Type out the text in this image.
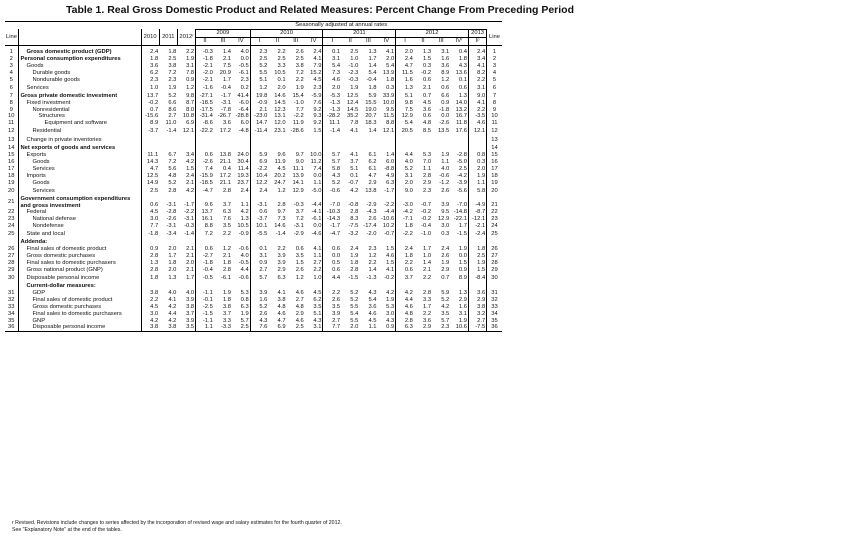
Table 1. Real Gross Domestic Product and Related Measures: Percent Change From Preceding Period
					Seasonally adjusted at annual rates																
Line		2010	2011	2012ʳ	2009			2010				2011				2012				2013	Line
					II	III	IV	I	II	III	IV	I	II	III	IV	I	II	III	IVʳ	Iᵖ	

1	Gross domestic product (GDP)	2.4	1.8	2.2	-0.3	1.4	4.0	2.3	2.2	2.6	2.4	0.1	2.5	1.3	4.1	2.0	1.3	3.1	0.4	2.4	1
2	Personal consumption expenditures	1.8	2.5	1.9	-1.8	2.1	0.0	2.5	2.5	2.5	4.1	3.1	1.0	1.7	2.0	2.4	1.5	1.6	1.8	3.4	2
3	Goods	3.6	3.8	3.1	-2.1	7.5	-0.5	5.2	3.3	3.8	7.9	5.4	-1.0	1.4	5.4	4.7	0.3	3.6	4.3	4.1	3
4	Durable goods	6.2	7.2	7.8	-2.0	20.9	-6.1	5.5	10.5	7.2	15.2	7.3	-2.3	5.4	13.9	11.5	-0.2	8.9	13.6	8.2	4
5	Nondurable goods	2.3	2.3	0.9	-2.1	1.7	2.3	5.1	0.1	2.2	4.5	4.6	-0.3	-0.4	1.8	1.6	0.6	1.2	0.1	2.2	5
6	Services	1.0	1.9	1.2	-1.6	-0.4	0.2	1.2	2.0	1.9	2.3	2.0	1.9	1.8	0.3	1.3	2.1	0.6	0.6	3.1	6
7	Gross private domestic investment	13.7	5.2	9.8	-27.1	-1.7	41.4	19.8	14.6	15.4	-5.9	-5.3	12.5	5.9	33.9	5.1	0.7	6.6	1.3	9.0	7
8	Fixed investment	-0.2	6.6	8.7	-18.5	-3.1	-6.0	-0.9	14.5	-1.0	7.6	-1.3	12.4	15.5	10.0	9.8	4.5	0.9	14.0	4.1	8
9	Nonresidential	0.7	8.6	8.0	-17.5	-7.8	-6.4	2.1	12.3	7.7	9.2	-1.3	14.5	19.0	9.5	7.5	3.6	-1.8	13.2	2.2	9
10	Structures	-15.6	2.7	10.8	-31.4	-26.7	-28.8	-23.0	13.1	-2.2	9.3	-28.2	35.2	20.7	11.5	12.9	0.6	0.0	16.7	-3.5	10
11	Equipment and software	8.9	11.0	6.9	-8.6	3.6	6.0	14.7	12.0	11.9	9.2	11.1	7.8	18.3	8.8	5.4	4.8	-2.6	11.8	4.6	11
12	Residential	-3.7	-1.4	12.1	-22.2	17.2	-4.8	-11.4	23.1	-28.6	1.5	-1.4	4.1	1.4	12.1	20.5	8.5	13.5	17.6	12.1	12
13	Change in private inventories																				13
14	Net exports of goods and services																				14
15	Exports	11.1	6.7	3.4	0.6	13.8	24.0	5.9	9.6	9.7	10.0	5.7	4.1	6.1	1.4	4.4	5.3	1.9	-2.8	0.8	15
16	Goods	14.3	7.2	4.2	-2.6	21.1	30.4	6.9	11.9	9.0	11.2	5.7	3.7	6.2	6.0	4.0	7.0	1.1	-5.0	0.3	16
17	Services	4.7	5.6	1.5	7.4	0.4	11.4	-2.2	4.5	11.1	7.4	5.8	5.1	6.1	-8.8	5.2	1.1	4.0	2.5	2.0	17
18	Imports	12.5	4.8	2.4	-15.9	17.2	19.3	10.4	20.2	13.9	0.0	4.3	0.1	4.7	4.9	3.1	2.8	-0.6	-4.2	1.9	18
19	Goods	14.9	5.2	2.1	-18.5	21.1	23.7	12.2	24.7	14.1	1.1	5.2	-0.7	2.9	6.3	2.0	2.9	-1.2	-3.9	1.1	19
20	Services	2.5	2.8	4.2	-4.7	2.8	2.4	2.4	1.2	12.9	-5.0	-0.6	4.2	13.8	-1.7	9.0	2.3	2.6	-5.6	5.8	20
21	Government consumption expenditures and gross investment	0.6	-3.1	-1.7	9.6	3.7	1.1	-3.1	2.8	-0.3	-4.4	-7.0	-0.8	-2.9	-2.2	-3.0	-0.7	3.9	-7.0	-4.9	21
22	Federal	4.5	-2.8	-2.2	13.7	6.3	4.2	0.6	9.7	3.7	-4.1	-10.3	2.8	-4.3	-4.4	-4.2	-0.2	9.5	-14.8	-8.7	22
23	National defense	3.0	-2.6	-3.1	16.1	7.6	1.3	-3.7	7.3	7.2	-6.1	-14.3	8.3	2.6	-10.6	-7.1	-0.2	12.9	-22.1	-12.1	23
24	Nondefense	7.7	-3.1	-0.3	8.8	3.5	10.5	10.1	14.6	-3.1	0.0	-1.7	-7.5	-17.4	10.2	1.8	-0.4	3.0	1.7	-2.1	24
25	State and local	-1.8	-3.4	-1.4	7.2	2.2	-0.9	-5.5	-1.4	-2.9	-4.6	-4.7	-3.2	-2.0	-0.7	-2.2	-1.0	0.3	-1.5	-2.4	25
	Addenda:																				
26	Final sales of domestic product	0.9	2.0	2.1	0.6	1.2	-0.6	0.1	2.2	0.6	4.1	0.6	2.4	2.3	1.5	2.4	1.7	2.4	1.9	1.8	26
27	Gross domestic purchases	2.8	1.7	2.1	-2.7	2.1	4.0	3.1	3.9	3.5	1.1	0.0	1.9	1.2	4.6	1.8	1.0	2.6	0.0	2.5	27
28	Final sales to domestic purchasers	1.3	1.8	2.0	-1.8	1.8	-0.5	0.9	3.9	1.5	2.7	0.5	1.8	2.2	1.5	2.2	1.4	1.9	1.5	1.9	28
29	Gross national product (GNP)	2.8	2.0	2.1	-0.4	2.8	4.4	2.7	2.9	2.6	2.2	0.6	2.8	1.4	4.1	0.6	2.1	2.9	0.9	1.5	29
30	Disposable personal income	1.8	1.3	1.7	-0.5	-6.1	-0.6	5.7	6.3	1.2	1.0	4.4	-1.5	-1.3	-0.2	3.7	2.2	0.7	8.9	-8.4	30
	Current-dollar measures:																				
31	GDP	3.8	4.0	4.0	-1.1	1.9	5.3	3.9	4.1	4.6	4.5	2.2	5.2	4.3	4.2	4.2	2.8	5.9	1.3	3.6	31
32	Final sales of domestic product	2.2	4.1	3.9	-0.1	1.8	0.8	1.6	3.8	2.7	6.2	2.6	5.2	5.4	1.9	4.4	3.3	5.2	2.9	2.9	32
33	Gross domestic purchases	4.5	4.2	3.8	-2.5	3.8	6.3	5.2	4.8	4.8	3.5	3.5	5.5	3.6	5.3	4.6	1.7	4.2	1.6	3.8	33
34	Final sales to domestic purchasers	3.0	4.4	3.7	-1.5	3.7	1.9	2.6	4.6	2.9	5.1	3.9	5.4	4.6	3.0	4.8	2.2	3.5	3.1	3.2	34
35	GNP	4.2	4.2	3.9	-1.1	3.3	5.7	4.3	4.7	4.6	4.3	2.7	5.5	4.5	4.3	2.8	3.6	5.7	1.9	2.7	35
36	Disposable personal income	3.8	3.8	3.5	1.1	-3.3	2.5	7.6	6.9	2.5	3.1	7.7	2.0	1.1	0.9	6.3	2.9	2.3	10.6	-7.5	36
r Revised. Revisions include changes to series affected by the incorporation of revised wage and salary estimates for the fourth quarter of 2012.
See "Explanatory Note" at the end of the tables.
